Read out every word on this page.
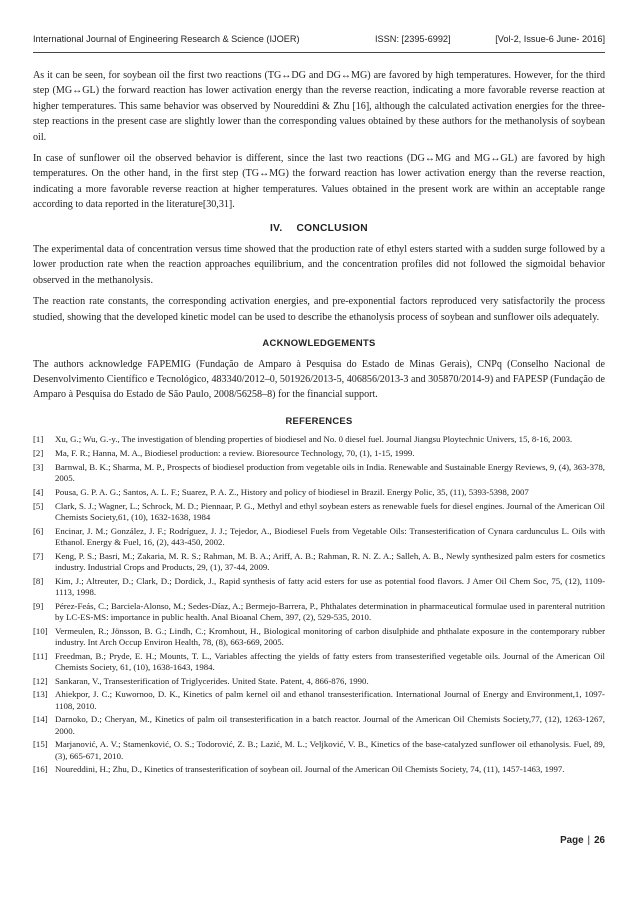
International Journal of Engineering Research & Science (IJOER)	ISSN: [2395-6992]	[Vol-2, Issue-6 June- 2016]

As it can be seen, for soybean oil the first two reactions (TG↔DG and DG↔MG) are favored by high temperatures. However, for the third step (MG↔GL) the forward reaction has lower activation energy than the reverse reaction, indicating a more favorable reverse reaction at higher temperatures. This same behavior was observed by Noureddini & Zhu [16], although the calculated activation energies for the three-step reactions in the present case are slightly lower than the corresponding values obtained by these authors for the methanolysis of soybean oil.

In case of sunflower oil the observed behavior is different, since the last two reactions (DG↔MG and MG↔GL) are favored by high temperatures. On the other hand, in the first step (TG↔MG) the forward reaction has lower activation energy than the reverse reaction, indicating a more favorable reverse reaction at higher temperatures. Values obtained in the present work are within an acceptable range according to data reported in the literature[30,31].

IV. CONCLUSION

The experimental data of concentration versus time showed that the production rate of ethyl esters started with a sudden surge followed by a lower production rate when the reaction approaches equilibrium, and the concentration profiles did not followed the sigmoidal behavior observed in the methanolysis.

The reaction rate constants, the corresponding activation energies, and pre-exponential factors reproduced very satisfactorily the process studied, showing that the developed kinetic model can be used to describe the ethanolysis process of soybean and sunflower oils adequately.

ACKNOWLEDGEMENTS

The authors acknowledge FAPEMIG (Fundação de Amparo à Pesquisa do Estado de Minas Gerais), CNPq (Conselho Nacional de Desenvolvimento Científico e Tecnológico, 483340/2012–0, 501926/2013-5, 406856/2013-3 and 305870/2014-9) and FAPESP (Fundação de Amparo à Pesquisa do Estado de São Paulo, 2008/56258–8) for the financial support.

REFERENCES
[1]	Xu, G.; Wu, G.-y., The investigation of blending properties of biodiesel and No. 0 diesel fuel. Journal Jiangsu Ploytechnic Univers, 15, 8-16, 2003.
[2]	Ma, F. R.; Hanna, M. A., Biodiesel production: a review. Bioresource Technology, 70, (1), 1-15, 1999.
[3]	Barnwal, B. K.; Sharma, M. P., Prospects of biodiesel production from vegetable oils in India. Renewable and Sustainable Energy Reviews, 9, (4), 363-378, 2005.
[4]	Pousa, G. P. A. G.; Santos, A. L. F.; Suarez, P. A. Z., History and policy of biodiesel in Brazil. Energy Polic, 35, (11), 5393-5398, 2007
[5]	Clark, S. J.; Wagner, L.; Schrock, M. D.; Piennaar, P. G., Methyl and ethyl soybean esters as renewable fuels for diesel engines. Journal of the American Oil Chemists Society,61, (10), 1632-1638, 1984
[6]	Encinar, J. M.; González, J. F.; Rodríguez, J. J.; Tejedor, A., Biodiesel Fuels from Vegetable Oils: Transesterification of Cynara cardunculus L. Oils with Ethanol. Energy & Fuel, 16, (2), 443-450, 2002.
[7]	Keng, P. S.; Basri, M.; Zakaria, M. R. S.; Rahman, M. B. A.; Ariff, A. B.; Rahman, R. N. Z. A.; Salleh, A. B., Newly synthesized palm esters for cosmetics industry. Industrial Crops and Products, 29, (1), 37-44, 2009.
[8]	Kim, J.; Altreuter, D.; Clark, D.; Dordick, J., Rapid synthesis of fatty acid esters for use as potential food flavors. J Amer Oil Chem Soc, 75, (12), 1109-1113, 1998.
[9]	Pérez-Feás, C.; Barciela-Alonso, M.; Sedes-Díaz, A.; Bermejo-Barrera, P., Phthalates determination in pharmaceutical formulae used in parenteral nutrition by LC-ES-MS: importance in public health. Anal Bioanal Chem, 397, (2), 529-535, 2010.
[10] Vermeulen, R.; Jönsson, B. G.; Lindh, C.; Kromhout, H., Biological monitoring of carbon disulphide and phthalate exposure in the contemporary rubber industry. Int Arch Occup Environ Health, 78, (8), 663-669, 2005.
[11] Freedman, B.; Pryde, E. H.; Mounts, T. L., Variables affecting the yields of fatty esters from transesterified vegetable oils. Journal of the American Oil Chemists Society, 61, (10), 1638-1643, 1984.
[12] Sankaran, V., Transesterification of Triglycerides. United State. Patent, 4, 866-876, 1990.
[13] Ahiekpor, J. C.; Kuwornoo, D. K., Kinetics of palm kernel oil and ethanol transesterification. International Journal of Energy and Environment,1, 1097-1108, 2010.
[14] Darnoko, D.; Cheryan, M., Kinetics of palm oil transesterification in a batch reactor. Journal of the American Oil Chemists Society,77, (12), 1263-1267, 2000.
[15] Marjanović, A. V.; Stamenković, O. S.; Todorović, Z. B.; Lazić, M. L.; Veljković, V. B., Kinetics of the base-catalyzed sunflower oil ethanolysis. Fuel, 89, (3), 665-671, 2010.
[16] Noureddini, H.; Zhu, D., Kinetics of transesterification of soybean oil. Journal of the American Oil Chemists Society, 74, (11), 1457-1463, 1997.
Page | 26
